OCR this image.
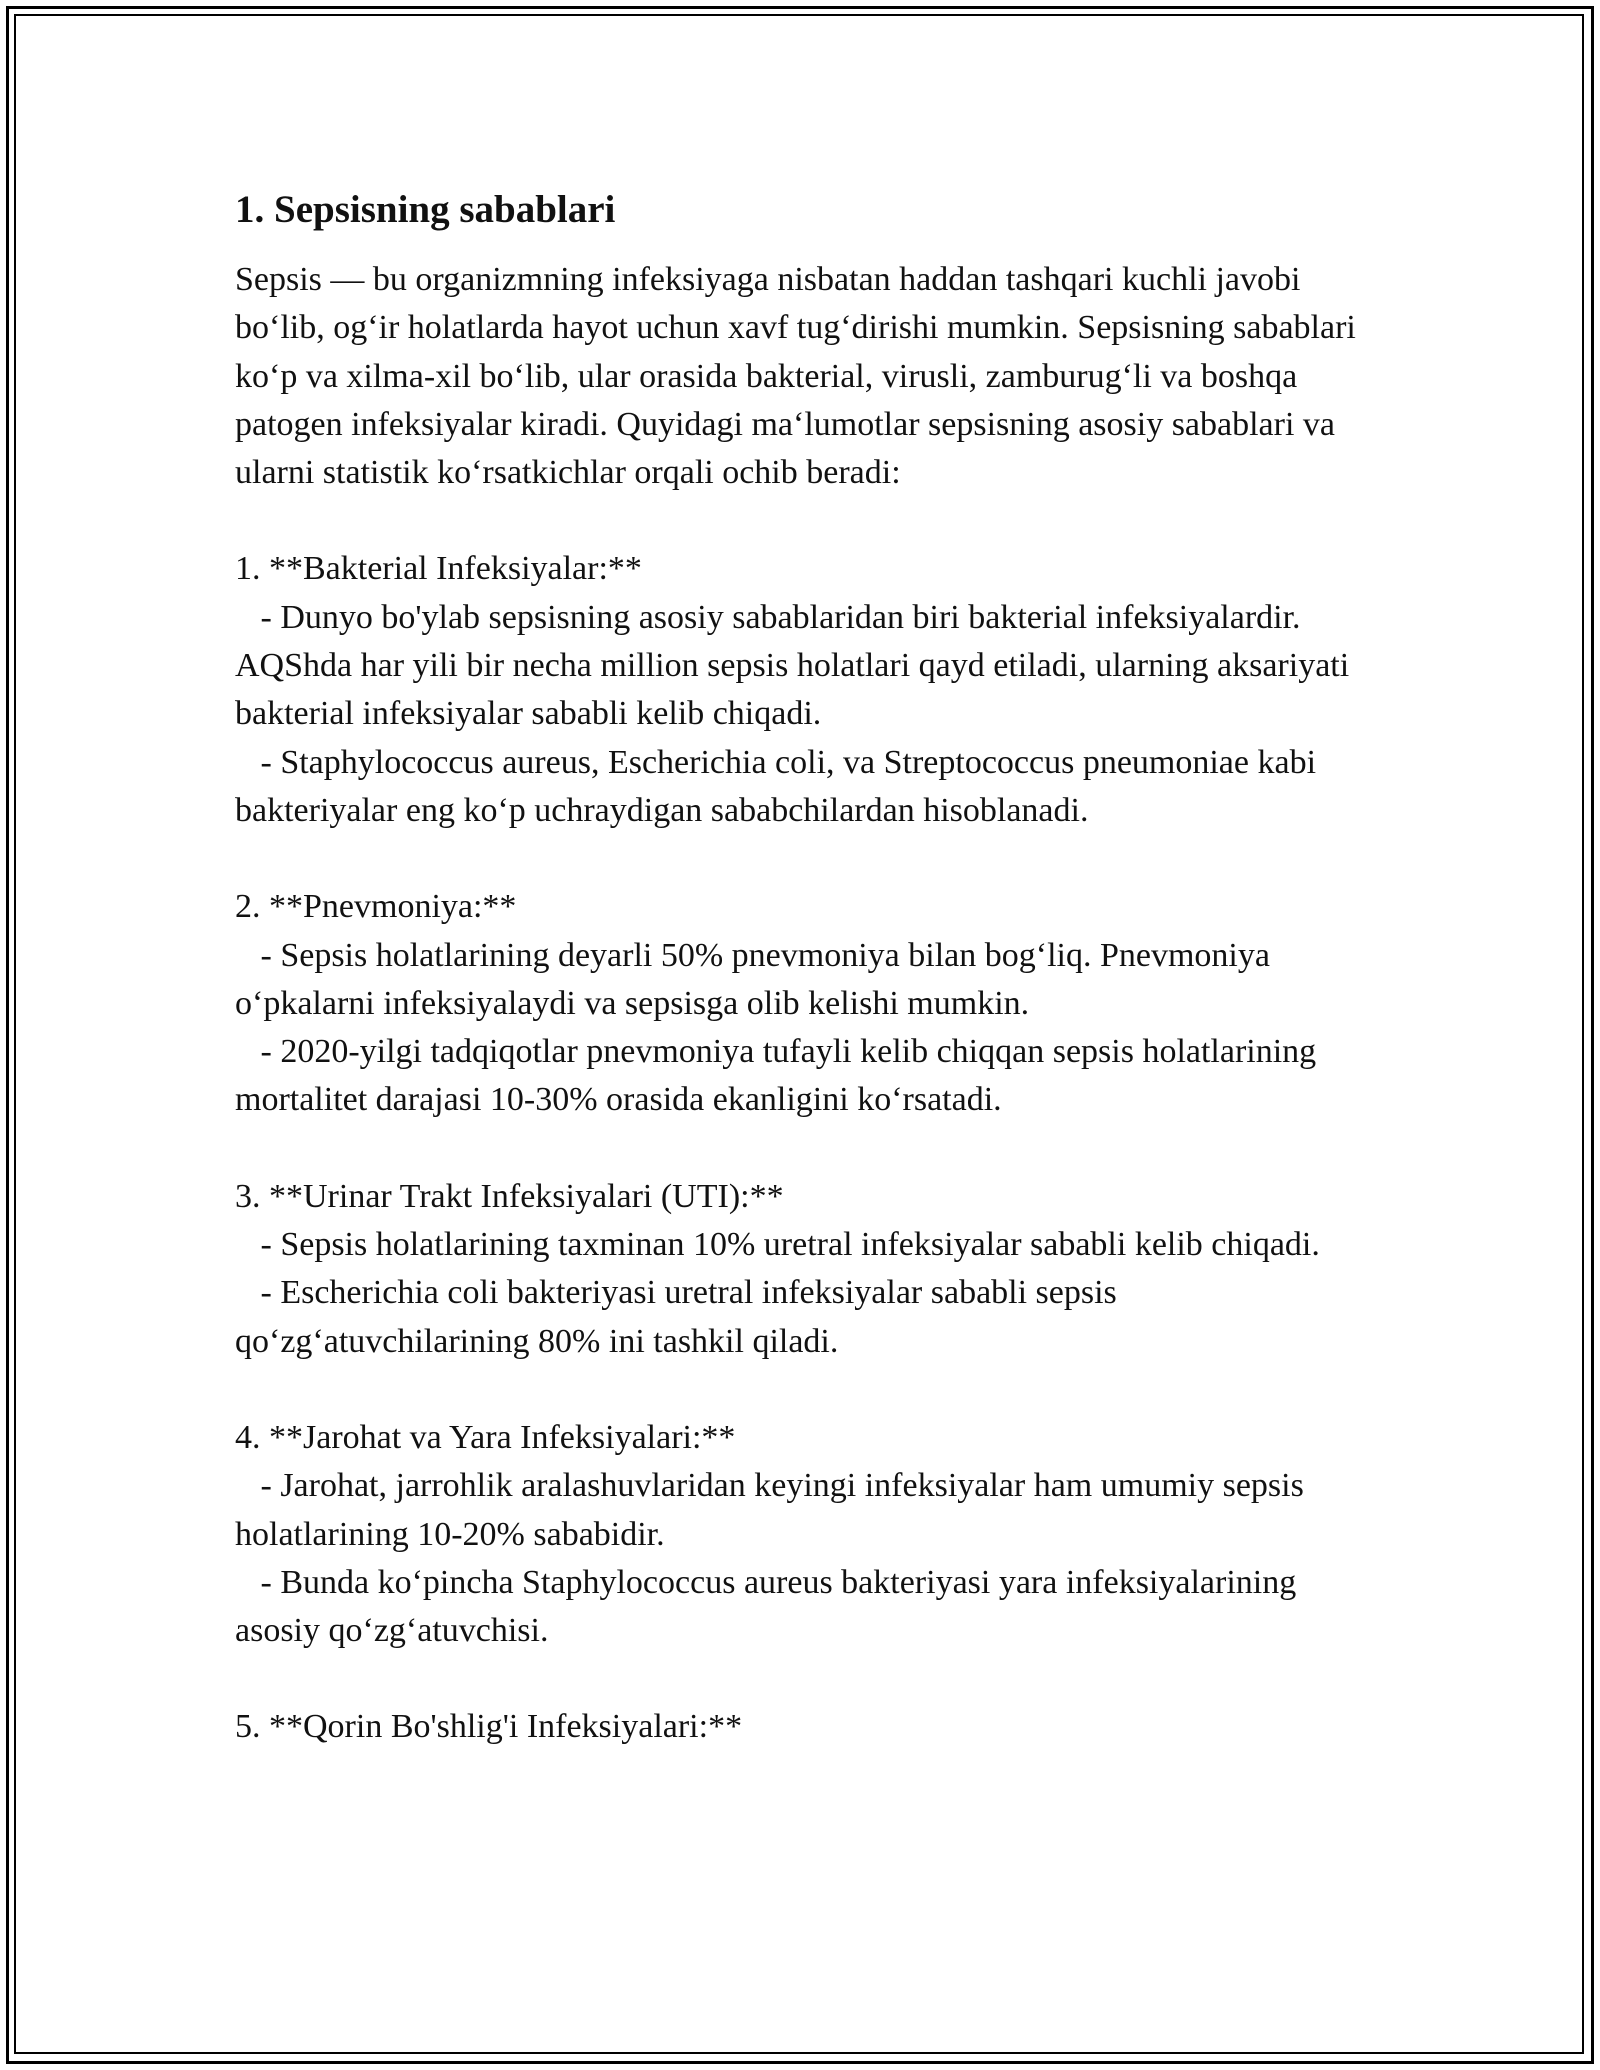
1. Sepsisning sabablari

Sepsis — bu organizmning infeksiyaga nisbatan haddan tashqari kuchli javobi bo‘lib, og‘ir holatlarda hayot uchun xavf tug‘dirishi mumkin. Sepsisning sabablari ko‘p va xilma-xil bo‘lib, ular orasida bakterial, virusli, zamburug‘li va boshqa patogen infeksiyalar kiradi. Quyidagi ma‘lumotlar sepsisning asosiy sabablari va ularni statistik ko‘rsatkichlar orqali ochib beradi:

1. **Bakterial Infeksiyalar:**

- Dunyo bo'ylab sepsisning asosiy sabablaridan biri bakterial infeksiyalardir. AQShda har yili bir necha million sepsis holatlari qayd etiladi, ularning aksariyati bakterial infeksiyalar sababli kelib chiqadi.

- Staphylococcus aureus, Escherichia coli, va Streptococcus pneumoniae kabi bakteriyalar eng ko‘p uchraydigan sababchilardan hisoblanadi.

2. **Pnevmoniya:**

- Sepsis holatlarining deyarli 50% pnevmoniya bilan bog‘liq. Pnevmoniya o‘pkalarni infeksiyalaydi va sepsisga olib kelishi mumkin.

- 2020-yilgi tadqiqotlar pnevmoniya tufayli kelib chiqqan sepsis holatlarining mortalitet darajasi 10-30% orasida ekanligini ko‘rsatadi.

3. **Urinar Trakt Infeksiyalari (UTI):**

- Sepsis holatlarining taxminan 10% uretral infeksiyalar sababli kelib chiqadi.

- Escherichia coli bakteriyasi uretral infeksiyalar sababli sepsis qo‘zg‘atuvchilarining 80% ini tashkil qiladi.

4. **Jarohat va Yara Infeksiyalari:**

- Jarohat, jarrohlik aralashuvlaridan keyingi infeksiyalar ham umumiy sepsis holatlarining 10-20% sababidir.

- Bunda ko‘pincha Staphylococcus aureus bakteriyasi yara infeksiyalarining asosiy qo‘zg‘atuvchisi.

5. **Qorin Bo'shlig'i Infeksiyalari:**
